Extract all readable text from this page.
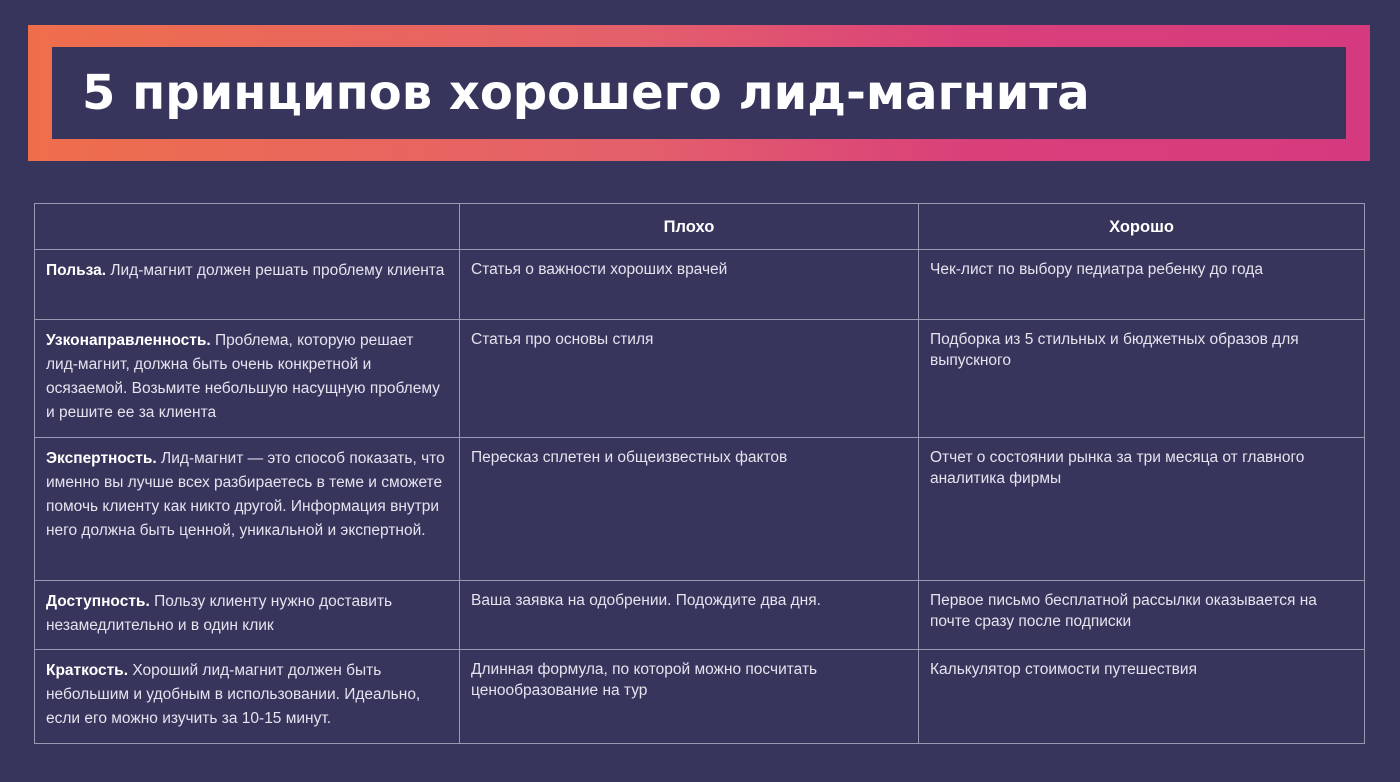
5 принципов хорошего лид-магнита
	Плохо	Хорошо
Польза. Лид-магнит должен решать проблему клиента	Статья о важности хороших врачей	Чек-лист по выбору педиатра ребенку до года
Узконаправленность. Проблема, которую решает лид-магнит, должна быть очень конкретной и осязаемой. Возьмите небольшую насущную проблему и решите ее за клиента	Статья про основы стиля	Подборка из 5 стильных и бюджетных образов для выпускного
Экспертность. Лид-магнит — это способ показать, что именно вы лучше всех разбираетесь в теме и сможете помочь клиенту как никто другой. Информация внутри него должна быть ценной, уникальной и экспертной.	Пересказ сплетен и общеизвестных фактов	Отчет о состоянии рынка за три месяца от главного аналитика фирмы
Доступность. Пользу клиенту нужно доставить незамедлительно и в один клик	Ваша заявка на одобрении. Подождите два дня.	Первое письмо бесплатной рассылки оказывается на почте сразу после подписки
Краткость. Хороший лид-магнит должен быть небольшим и удобным в использовании. Идеально, если его можно изучить за 10-15 минут.	Длинная формула, по которой можно посчитать ценообразование на тур	Калькулятор стоимости путешествия
